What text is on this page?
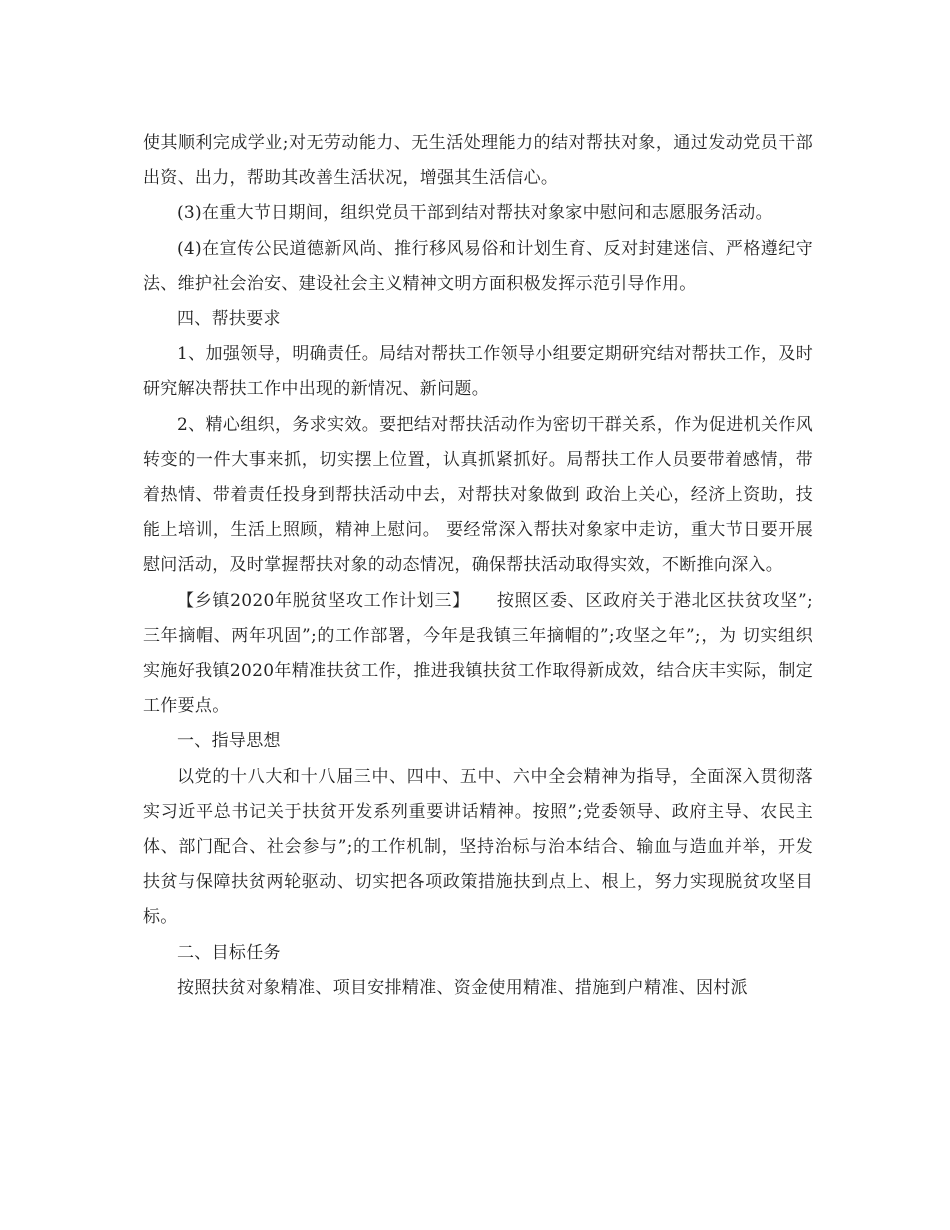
使其顺利完成学业;对无劳动能力、无生活处理能力的结对帮扶对象，通过发动党员干部出资、出力，帮助其改善生活状况，增强其生活信心。

(3)在重大节日期间，组织党员干部到结对帮扶对象家中慰问和志愿服务活动。

(4)在宣传公民道德新风尚、推行移风易俗和计划生育、反对封建迷信、严格遵纪守法、维护社会治安、建设社会主义精神文明方面积极发挥示范引导作用。

四、帮扶要求

1、加强领导，明确责任。局结对帮扶工作领导小组要定期研究结对帮扶工作，及时研究解决帮扶工作中出现的新情况、新问题。

2、精心组织，务求实效。要把结对帮扶活动作为密切干群关系，作为促进机关作风转变的一件大事来抓，切实摆上位置，认真抓紧抓好。局帮扶工作人员要带着感情，带着热情、带着责任投身到帮扶活动中去，对帮扶对象做到 政治上关心，经济上资助，技能上培训，生活上照顾，精神上慰问。 要经常深入帮扶对象家中走访，重大节日要开展慰问活动，及时掌握帮扶对象的动态情况，确保帮扶活动取得实效，不断推向深入。

【乡镇2020年脱贫坚攻工作计划三】　　按照区委、区政府关于港北区扶贫攻坚”;三年摘帽、两年巩固”;的工作部署，今年是我镇三年摘帽的”;攻坚之年”;，为 切实组织实施好我镇2020年精准扶贫工作，推进我镇扶贫工作取得新成效，结合庆丰实际，制定工作要点。

一、指导思想

以党的十八大和十八届三中、四中、五中、六中全会精神为指导，全面深入贯彻落实习近平总书记关于扶贫开发系列重要讲话精神。按照”;党委领导、政府主导、农民主体、部门配合、社会参与”;的工作机制，坚持治标与治本结合、输血与造血并举，开发扶贫与保障扶贫两轮驱动、切实把各项政策措施扶到点上、根上，努力实现脱贫攻坚目标。

二、目标任务

按照扶贫对象精准、项目安排精准、资金使用精准、措施到户精准、因村派
